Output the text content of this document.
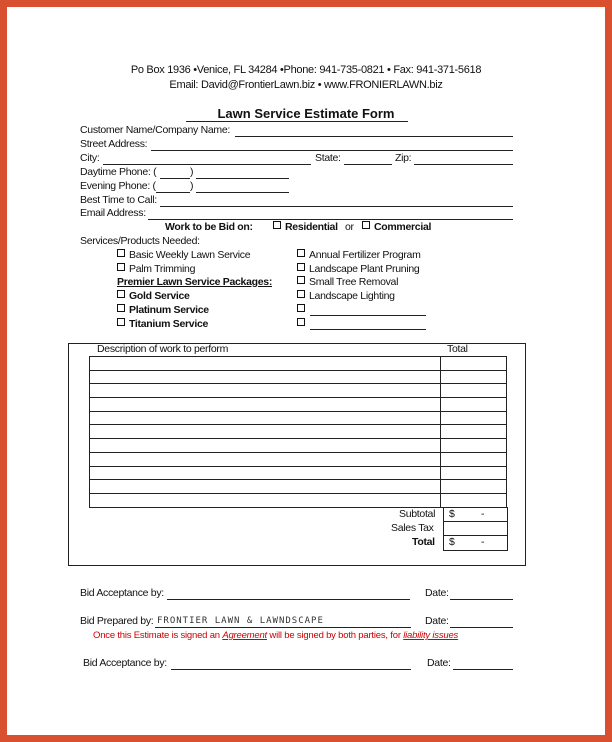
Po Box 1936 •Venice, FL 34284 •Phone: 941-735-0821 • Fax: 941-371-5618
Email: David@FrontierLawn.biz • www.FRONIERLAWN.biz
Lawn Service Estimate Form
Customer Name/Company Name:
Street Address:
City:	State:	Zip:
Daytime Phone: (	)
Evening Phone: (	)
Best Time to Call:
Email Address:
Work to be Bid on:	Residential or	Commercial
Services/Products Needed:
Basic Weekly Lawn Service
Palm Trimming
Premier Lawn Service Packages:
Gold Service
Platinum Service
Titanium Service
Annual Fertilizer Program
Landscape Plant Pruning
Small Tree Removal
Landscape Lighting
Description of work to perform	Total

Subtotal $	-
Sales Tax
Total $	-
Bid Acceptance by:	Date:
Bid Prepared by: FRONTIER LAWN & LAWNDSCAPE	Date:
Once this Estimate is signed an Agreement will be signed by both parties, for liability issues
Bid Acceptance by:	Date:
